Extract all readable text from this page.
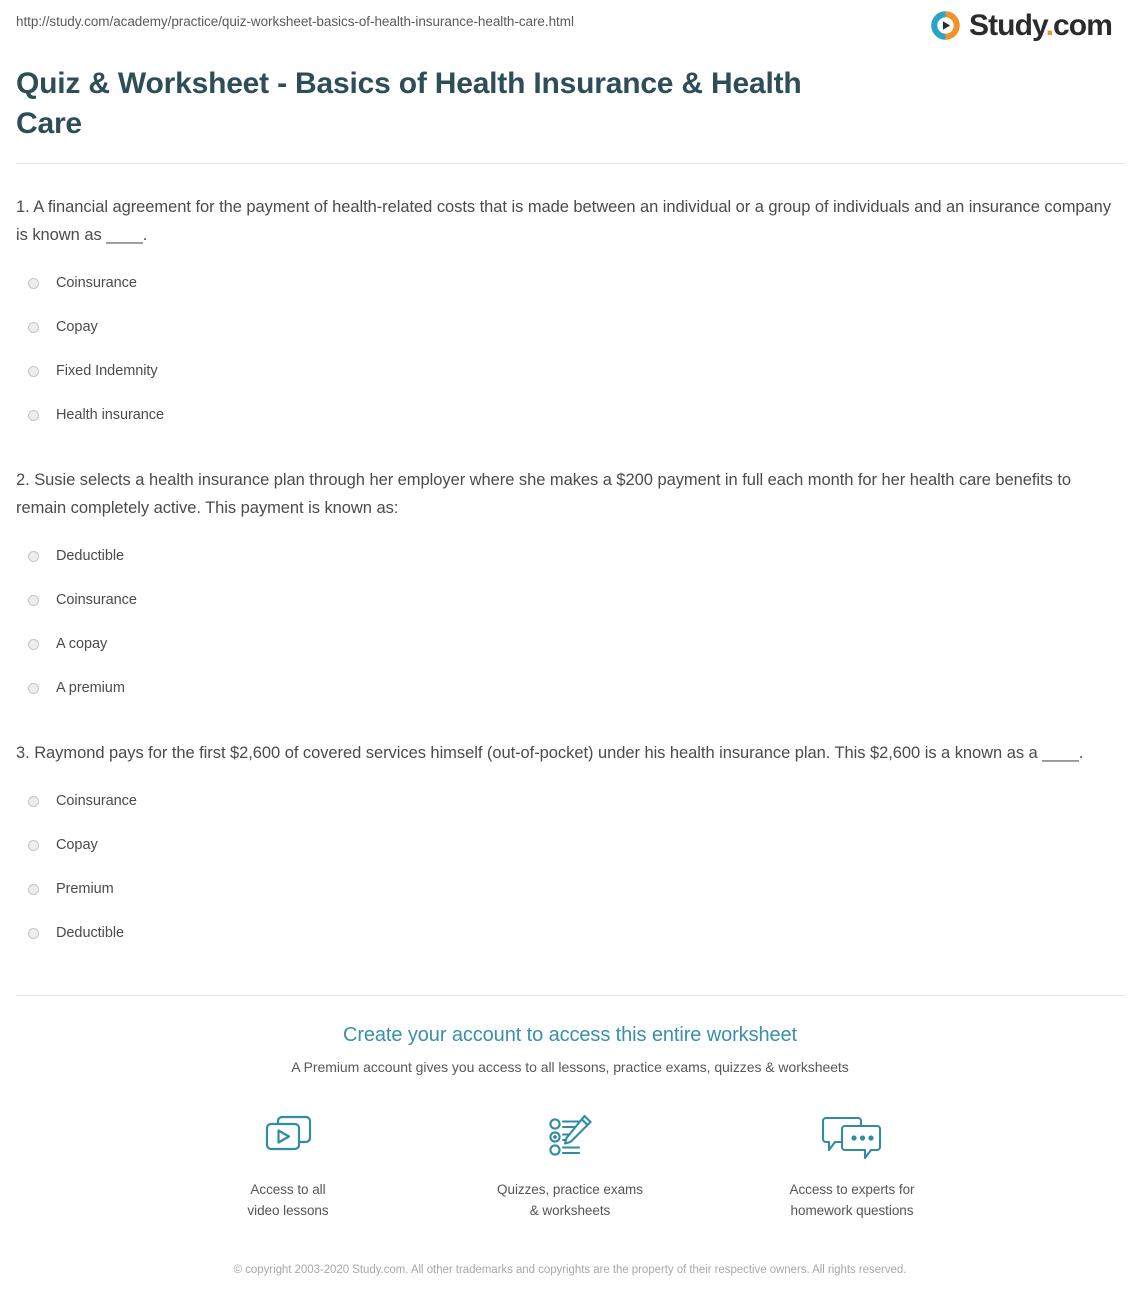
http://study.com/academy/practice/quiz-worksheet-basics-of-health-insurance-health-care.html	Study.com
Quiz & Worksheet - Basics of Health Insurance & Health Care
1. A financial agreement for the payment of health-related costs that is made between an individual or a group of individuals and an insurance company is known as ____.
Coinsurance
Copay
Fixed Indemnity
Health insurance
2. Susie selects a health insurance plan through her employer where she makes a $200 payment in full each month for her health care benefits to remain completely active. This payment is known as:
Deductible
Coinsurance
A copay
A premium
3. Raymond pays for the first $2,600 of covered services himself (out-of-pocket) under his health insurance plan. This $2,600 is a known as a ____.
Coinsurance
Copay
Premium
Deductible
Create your account to access this entire worksheet
A Premium account gives you access to all lessons, practice exams, quizzes & worksheets
Access to all
video lessons
Quizzes, practice exams
& worksheets
Access to experts for
homework questions
© copyright 2003-2020 Study.com. All other trademarks and copyrights are the property of their respective owners. All rights reserved.
